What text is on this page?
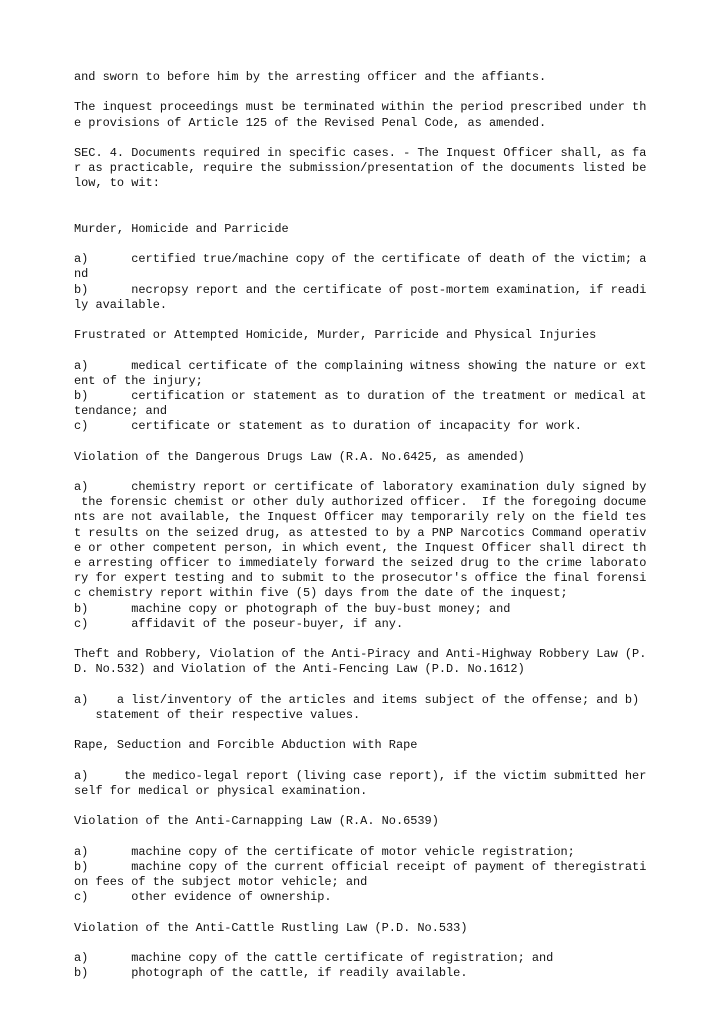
and sworn to before him by the arresting officer and the affiants.
The inquest proceedings must be terminated within the period prescribed under th
e provisions of Article 125 of the Revised Penal Code, as amended.
SEC. 4. Documents required in specific cases. - The Inquest Officer shall, as fa
r as practicable, require the submission/presentation of the documents listed be
low, to wit:
Murder, Homicide and Parricide
a)      certified true/machine copy of the certificate of death of the victim; a
nd
b)      necropsy report and the certificate of post-mortem examination, if readi
ly available.
Frustrated or Attempted Homicide, Murder, Parricide and Physical Injuries
a)      medical certificate of the complaining witness showing the nature or ext
ent of the injury;
b)      certification or statement as to duration of the treatment or medical at
tendance; and
c)      certificate or statement as to duration of incapacity for work.
Violation of the Dangerous Drugs Law (R.A. No.6425, as amended)
a)      chemistry report or certificate of laboratory examination duly signed by
the forensic chemist or other duly authorized officer.  If the foregoing docume
nts are not available, the Inquest Officer may temporarily rely on the field tes
t results on the seized drug, as attested to by a PNP Narcotics Command operativ
e or other competent person, in which event, the Inquest Officer shall direct th
e arresting officer to immediately forward the seized drug to the crime laborato
ry for expert testing and to submit to the prosecutor's office the final forensi
c chemistry report within five (5) days from the date of the inquest;
b)      machine copy or photograph of the buy-bust money; and
c)      affidavit of the poseur-buyer, if any.
Theft and Robbery, Violation of the Anti-Piracy and Anti-Highway Robbery Law (P.
D. No.532) and Violation of the Anti-Fencing Law (P.D. No.1612)
a)    a list/inventory of the articles and items subject of the offense; and b)
statement of their respective values.
Rape, Seduction and Forcible Abduction with Rape
a)     the medico-legal report (living case report), if the victim submitted her
self for medical or physical examination.
Violation of the Anti-Carnapping Law (R.A. No.6539)
a)      machine copy of the certificate of motor vehicle registration;
b)      machine copy of the current official receipt of payment of theregistrati
on fees of the subject motor vehicle; and
c)      other evidence of ownership.
Violation of the Anti-Cattle Rustling Law (P.D. No.533)
a)      machine copy of the cattle certificate of registration; and
b)      photograph of the cattle, if readily available.
